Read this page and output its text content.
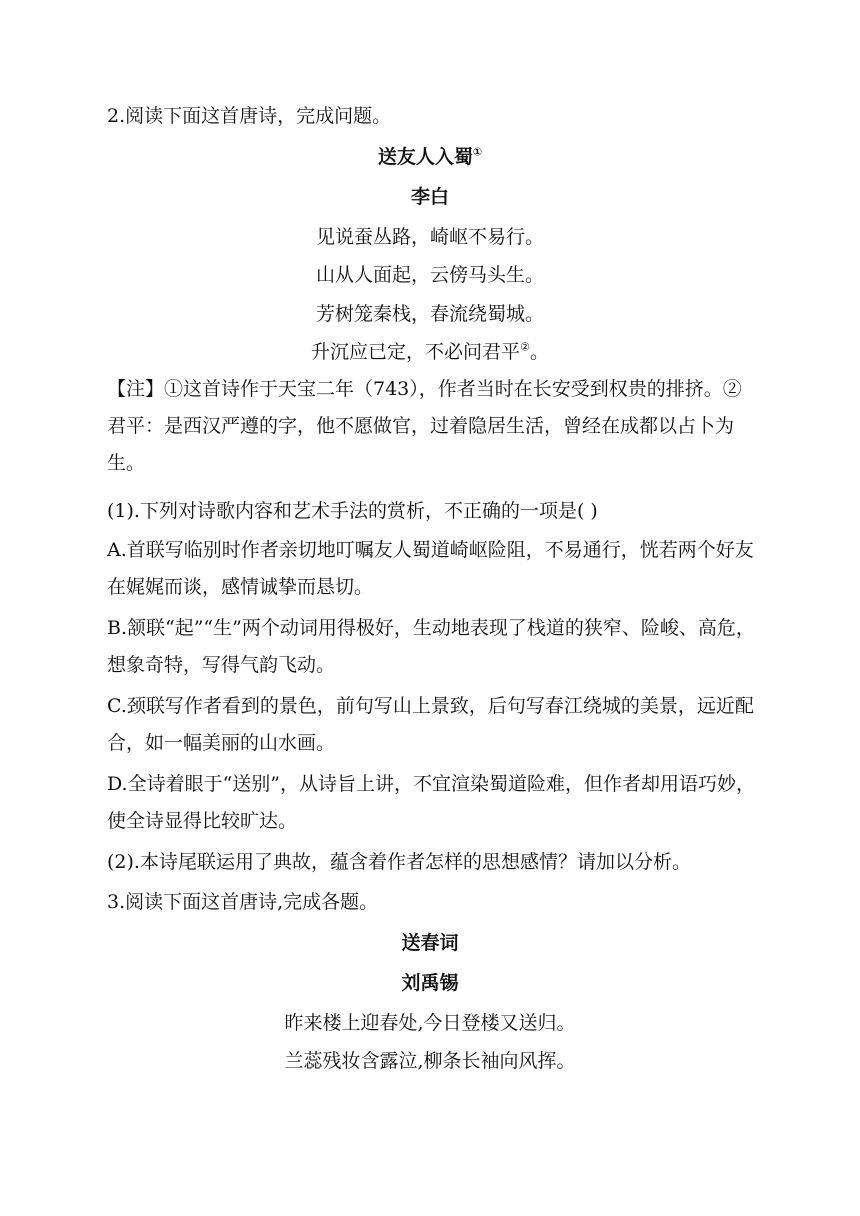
2.阅读下面这首唐诗，完成问题。
送友人入蜀①
李白
见说蚕丛路，崎岖不易行。
山从人面起，云傍马头生。
芳树笼秦栈，春流绕蜀城。
升沉应已定，不必问君平②。
【注】①这首诗作于天宝二年（743），作者当时在长安受到权贵的排挤。②君平：是西汉严遵的字，他不愿做官，过着隐居生活，曾经在成都以占卜为生。
(1).下列对诗歌内容和艺术手法的赏析，不正确的一项是( )
A.首联写临别时作者亲切地叮嘱友人蜀道崎岖险阻，不易通行，恍若两个好友在娓娓而谈，感情诚挚而恳切。
B.颔联“起”“生”两个动词用得极好，生动地表现了栈道的狭窄、险峻、高危，想象奇特，写得气韵飞动。
C.颈联写作者看到的景色，前句写山上景致，后句写春江绕城的美景，远近配合，如一幅美丽的山水画。
D.全诗着眼于“送别”，从诗旨上讲，不宜渲染蜀道险难，但作者却用语巧妙，使全诗显得比较旷达。
(2).本诗尾联运用了典故，蕴含着作者怎样的思想感情？请加以分析。
3.阅读下面这首唐诗,完成各题。
送春词
刘禹锡
昨来楼上迎春处,今日登楼又送归。
兰蕊残妆含露泣,柳条长袖向风挥。
